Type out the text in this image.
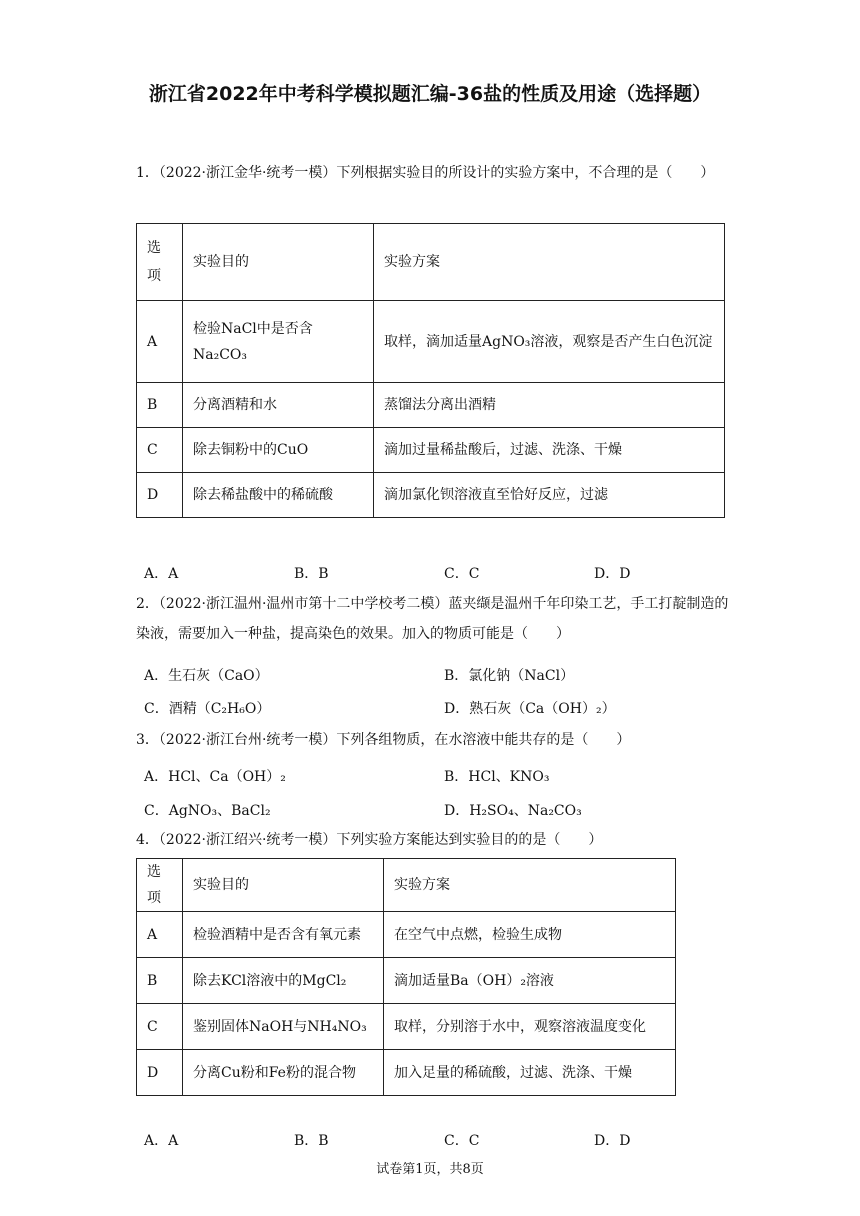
浙江省2022年中考科学模拟题汇编-36盐的性质及用途（选择题）
1．（2022·浙江金华·统考一模）下列根据实验目的所设计的实验方案中，不合理的是（　　）
选项	实验目的	实验方案
A	检验NaCl中是否含Na₂CO₃	取样，滴加适量AgNO₃溶液，观察是否产生白色沉淀
B	分离酒精和水	蒸馏法分离出酒精
C	除去铜粉中的CuO	滴加过量稀盐酸后，过滤、洗涤、干燥
D	除去稀盐酸中的稀硫酸	滴加氯化钡溶液直至恰好反应，过滤
A．A	B．B	C．C	D．D
2．（2022·浙江温州·温州市第十二中学校考二模）蓝夹缬是温州千年印染工艺，手工打靛制造的染液，需要加入一种盐，提高染色的效果。加入的物质可能是（　　）
A．生石灰（CaO）	B．氯化钠（NaCl）
C．酒精（C₂H₆O）	D．熟石灰（Ca（OH）₂）
3．（2022·浙江台州·统考一模）下列各组物质，在水溶液中能共存的是（　　）
A．HCl、Ca（OH）₂	B．HCl、KNO₃
C．AgNO₃、BaCl₂	D．H₂SO₄、Na₂CO₃
4．（2022·浙江绍兴·统考一模）下列实验方案能达到实验目的的是（　　）
选项	实验目的	实验方案
A	检验酒精中是否含有氧元素	在空气中点燃，检验生成物
B	除去KCl溶液中的MgCl₂	滴加适量Ba（OH）₂溶液
C	鉴别固体NaOH与NH₄NO₃	取样，分别溶于水中，观察溶液温度变化
D	分离Cu粉和Fe粉的混合物	加入足量的稀硫酸，过滤、洗涤、干燥
A．A	B．B	C．C	D．D
试卷第1页，共8页
